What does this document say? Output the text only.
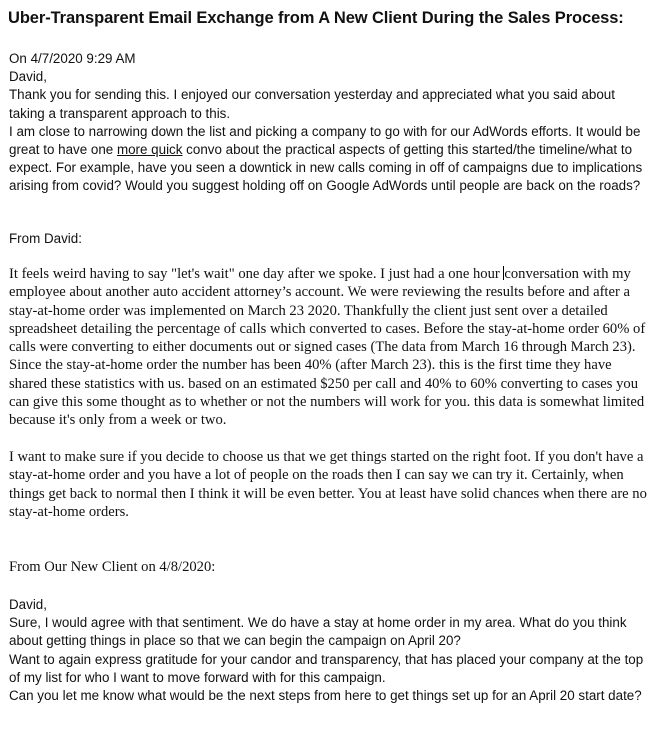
Uber-Transparent Email Exchange from A New Client During the Sales Process:

On 4/7/2020 9:29 AM

David,

Thank you for sending this. I enjoyed our conversation yesterday and appreciated what you said about taking a transparent approach to this.

I am close to narrowing down the list and picking a company to go with for our AdWords efforts. It would be great to have one more quick convo about the practical aspects of getting this started/the timeline/what to expect. For example, have you seen a downtick in new calls coming in off of campaigns due to implications arising from covid? Would you suggest holding off on Google AdWords until people are back on the roads?

From David:

It feels weird having to say "let's wait" one day after we spoke. I just had a one hour conversation with my employee about another auto accident attorney’s account. We were reviewing the results before and after a stay-at-home order was implemented on March 23 2020. Thankfully the client just sent over a detailed spreadsheet detailing the percentage of calls which converted to cases. Before the stay-at-home order 60% of calls were converting to either documents out or signed cases (The data from March 16 through March 23). Since the stay-at-home order the number has been 40% (after March 23). this is the first time they have shared these statistics with us. based on an estimated $250 per call and 40% to 60% converting to cases you can give this some thought as to whether or not the numbers will work for you. this data is somewhat limited because it's only from a week or two.

I want to make sure if you decide to choose us that we get things started on the right foot. If you don't have a stay-at-home order and you have a lot of people on the roads then I can say we can try it. Certainly, when things get back to normal then I think it will be even better. You at least have solid chances when there are no stay-at-home orders.

From Our New Client on 4/8/2020:

David,

Sure, I would agree with that sentiment. We do have a stay at home order in my area. What do you think about getting things in place so that we can begin the campaign on April 20?

Want to again express gratitude for your candor and transparency, that has placed your company at the top of my list for who I want to move forward with for this campaign.

Can you let me know what would be the next steps from here to get things set up for an April 20 start date?
